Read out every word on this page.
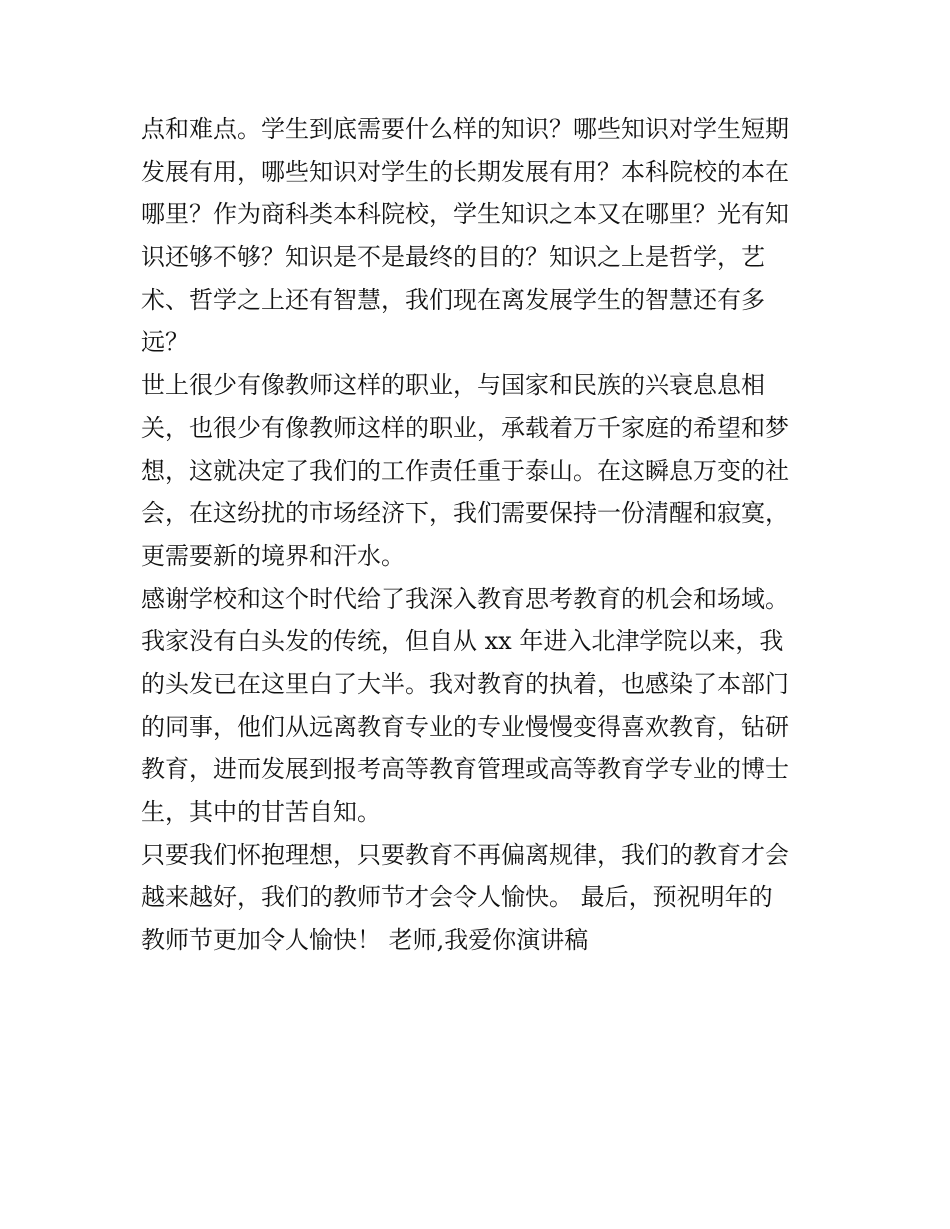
点和难点。学生到底需要什么样的知识？哪些知识对学生短期
发展有用，哪些知识对学生的长期发展有用？本科院校的本在
哪里？作为商科类本科院校，学生知识之本又在哪里？光有知
识还够不够？知识是不是最终的目的？知识之上是哲学，艺
术、哲学之上还有智慧，我们现在离发展学生的智慧还有多
远？
世上很少有像教师这样的职业，与国家和民族的兴衰息息相
关，也很少有像教师这样的职业，承载着万千家庭的希望和梦
想，这就决定了我们的工作责任重于泰山。在这瞬息万变的社
会，在这纷扰的市场经济下，我们需要保持一份清醒和寂寞，
更需要新的境界和汗水。
感谢学校和这个时代给了我深入教育思考教育的机会和场域。
我家没有白头发的传统，但自从 xx 年进入北津学院以来，我
的头发已在这里白了大半。我对教育的执着，也感染了本部门
的同事，他们从远离教育专业的专业慢慢变得喜欢教育，钻研
教育，进而发展到报考高等教育管理或高等教育学专业的博士
生，其中的甘苦自知。
只要我们怀抱理想，只要教育不再偏离规律，我们的教育才会
越来越好，我们的教师节才会令人愉快。 最后，预祝明年的
教师节更加令人愉快！ 老师,我爱你演讲稿
